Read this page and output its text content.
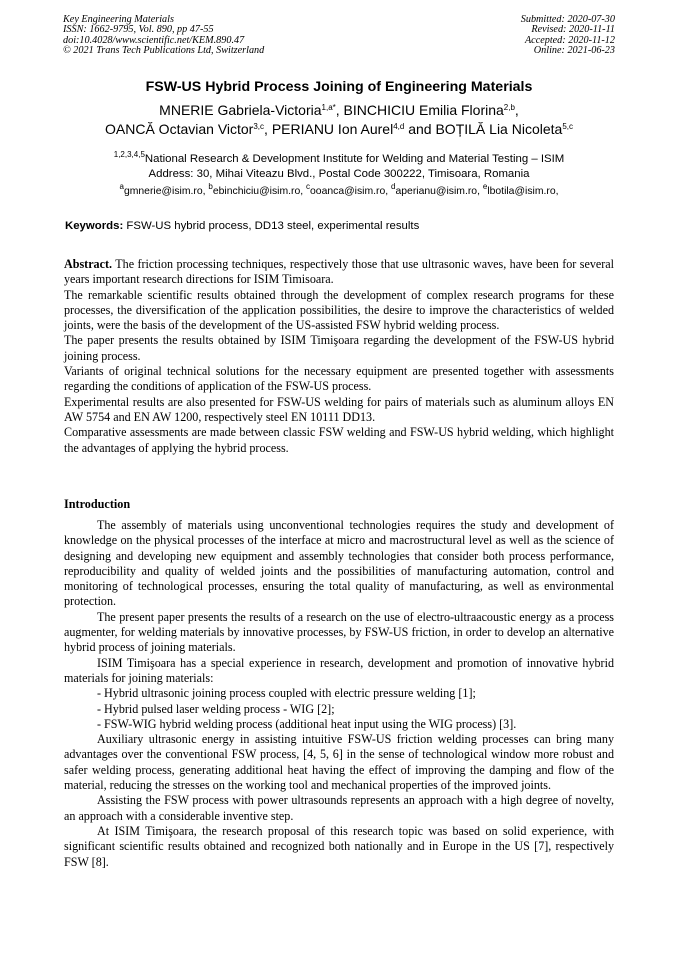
Key Engineering Materials
ISSN: 1662-9795, Vol. 890, pp 47-55
doi:10.4028/www.scientific.net/KEM.890.47
© 2021 Trans Tech Publications Ltd, Switzerland
Submitted: 2020-07-30
Revised: 2020-11-11
Accepted: 2020-11-12
Online: 2021-06-23
FSW-US Hybrid Process Joining of Engineering Materials
MNERIE Gabriela-Victoria$^{1,a*}$, BINCHICIU Emilia Florina$^{2,b}$,
OANCĂ Octavian Victor$^{3,c}$, PERIANU Ion Aurel$^{4,d}$ and BOȚILĂ Lia Nicoleta$^{5,c}$
$^{1,2,3,4,5}$National Research & Development Institute for Welding and Material Testing – ISIM
Address: 30, Mihai Viteazu Blvd., Postal Code 300222, Timisoara, Romania
$^a$gmnerie@isim.ro, $^b$ebinchiciu@isim.ro, $^c$ooanca@isim.ro, $^d$aperianu@isim.ro, $^e$lbotila@isim.ro,
Keywords: FSW-US hybrid process, DD13 steel, experimental results

Abstract. The friction processing techniques, respectively those that use ultrasonic waves, have been for several years important research directions for ISIM Timisoara.

The remarkable scientific results obtained through the development of complex research programs for these processes, the diversification of the application possibilities, the desire to improve the characteristics of welded joints, were the basis of the development of the US-assisted FSW hybrid welding process.

The paper presents the results obtained by ISIM Timişoara regarding the development of the FSW-US hybrid joining process.

Variants of original technical solutions for the necessary equipment are presented together with assessments regarding the conditions of application of the FSW-US process.

Experimental results are also presented for FSW-US welding for pairs of materials such as aluminum alloys EN AW 5754 and EN AW 1200, respectively steel EN 10111 DD13.

Comparative assessments are made between classic FSW welding and FSW-US hybrid welding, which highlight the advantages of applying the hybrid process.

Introduction

The assembly of materials using unconventional technologies requires the study and development of knowledge on the physical processes of the interface at micro and macrostructural level as well as the science of designing and developing new equipment and assembly technologies that consider both process performance, reproducibility and quality of welded joints and the possibilities of manufacturing automation, control and monitoring of technological processes, ensuring the total quality of manufacturing, as well as environmental protection.

The present paper presents the results of a research on the use of electro-ultraacoustic energy as a process augmenter, for welding materials by innovative processes, by FSW-US friction, in order to develop an alternative hybrid process of joining materials.

ISIM Timişoara has a special experience in research, development and promotion of innovative hybrid materials for joining materials:

- Hybrid ultrasonic joining process coupled with electric pressure welding [1];

- Hybrid pulsed laser welding process - WIG [2];

- FSW-WIG hybrid welding process (additional heat input using the WIG process) [3].

Auxiliary ultrasonic energy in assisting intuitive FSW-US friction welding processes can bring many advantages over the conventional FSW process, [4, 5, 6] in the sense of technological window more robust and safer welding process, generating additional heat having the effect of improving the damping and flow of the material, reducing the stresses on the working tool and mechanical properties of the improved joints.

Assisting the FSW process with power ultrasounds represents an approach with a high degree of novelty, an approach with a considerable inventive step.

At ISIM Timişoara, the research proposal of this research topic was based on solid experience, with significant scientific results obtained and recognized both nationally and in Europe in the US [7], respectively FSW [8].
